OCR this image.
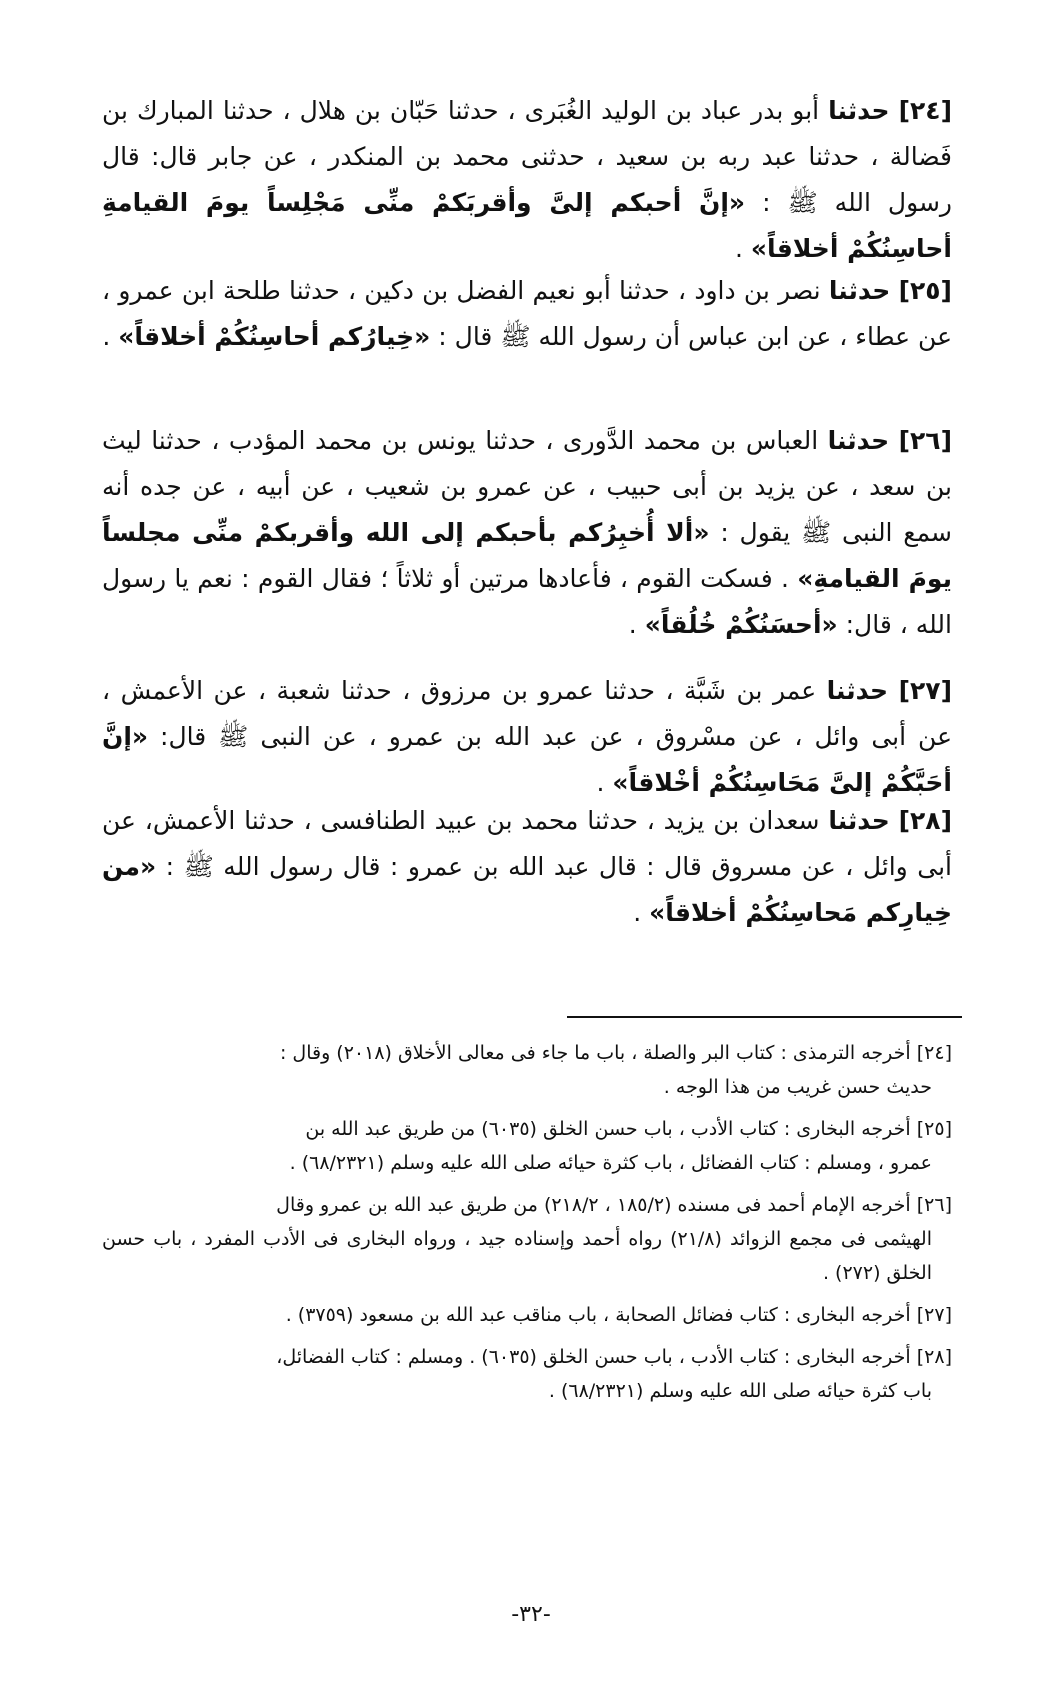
[٢٤] حدثنا أبو بدر عباد بن الوليد الغُبَرى ، حدثنا حَبّان بن هلال ، حدثنا المبارك بن فَضالة ، حدثنا عبد ربه بن سعيد ، حدثنى محمد بن المنكدر ، عن جابر قال: قال رسول الله ﷺ : «إنَّ أحبكم إلىَّ وأقربَكمْ منِّى مَجْلِساً يومَ القيامةِ أحاسِنُكُمْ أخلاقاً» .
[٢٥] حدثنا نصر بن داود ، حدثنا أبو نعيم الفضل بن دكين ، حدثنا طلحة ابن عمرو ، عن عطاء ، عن ابن عباس أن رسول الله ﷺ قال : «خِيارُكم أحاسِنُكُمْ أخلاقاً» .
[٢٦] حدثنا العباس بن محمد الدَّورى ، حدثنا يونس بن محمد المؤدب ، حدثنا ليث بن سعد ، عن يزيد بن أبى حبيب ، عن عمرو بن شعيب ، عن أبيه ، عن جده أنه سمع النبى ﷺ يقول : «ألا أُخبِرُكم بأحبكم إلى الله وأقربكمْ منِّى مجلساً يومَ القيامةِ» . فسكت القوم ، فأعادها مرتين أو ثلاثاً ؛ فقال القوم : نعم يا رسول الله ، قال: «أحسَنُكُمْ خُلُقاً» .
[٢٧] حدثنا عمر بن شَبَّة ، حدثنا عمرو بن مرزوق ، حدثنا شعبة ، عن الأعمش ، عن أبى وائل ، عن مسْروق ، عن عبد الله بن عمرو ، عن النبى ﷺ قال: «إنَّ أحَبَّكُمْ إلىَّ مَحَاسِنُكُمْ أخْلاقاً» .
[٢٨] حدثنا سعدان بن يزيد ، حدثنا محمد بن عبيد الطنافسى ، حدثنا الأعمش، عن أبى وائل ، عن مسروق قال : قال عبد الله بن عمرو : قال رسول الله ﷺ : «من خِيارِكم مَحاسِنُكُمْ أخلاقاً» .
[٢٤] أخرجه الترمذى : كتاب البر والصلة ، باب ما جاء فى معالى الأخلاق (٢٠١٨) وقال :
حديث حسن غريب من هذا الوجه .
[٢٥] أخرجه البخارى : كتاب الأدب ، باب حسن الخلق (٦٠٣٥) من طريق عبد الله بن
عمرو ، ومسلم : كتاب الفضائل ، باب كثرة حيائه صلى الله عليه وسلم (٦٨/٢٣٢١) .
[٢٦] أخرجه الإمام أحمد فى مسنده (١٨٥/٢ ، ٢١٨/٢) من طريق عبد الله بن عمرو وقال
الهيثمى فى مجمع الزوائد (٢١/٨) رواه أحمد وإسناده جيد ، ورواه البخارى فى الأدب المفرد ، باب حسن الخلق (٢٧٢) .
[٢٧] أخرجه البخارى : كتاب فضائل الصحابة ، باب مناقب عبد الله بن مسعود (٣٧٥٩) .
[٢٨] أخرجه البخارى : كتاب الأدب ، باب حسن الخلق (٦٠٣٥) . ومسلم : كتاب الفضائل،
باب كثرة حيائه صلى الله عليه وسلم (٦٨/٢٣٢١) .
-٣٢-
